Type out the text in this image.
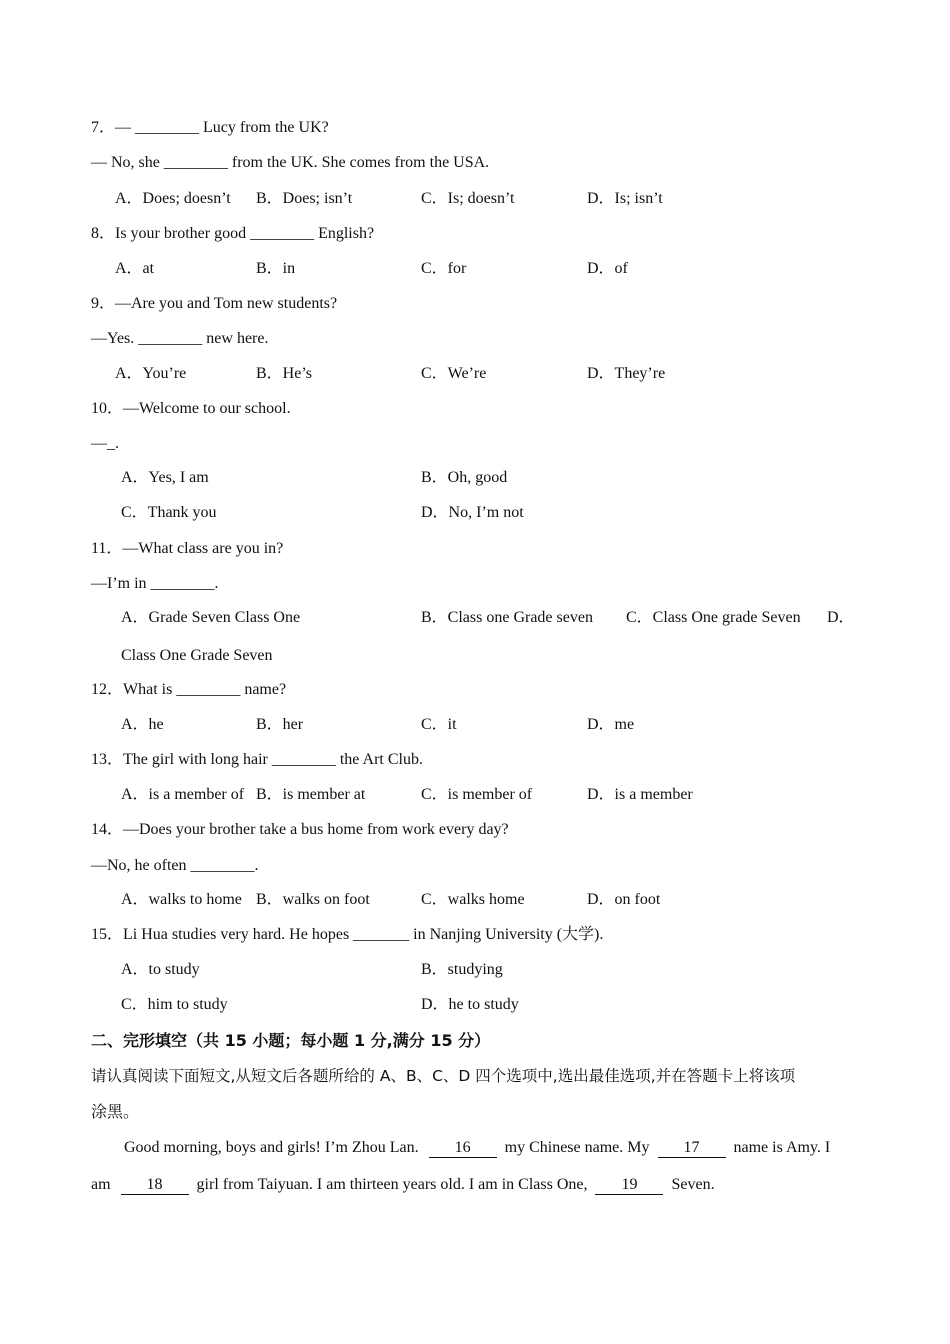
7．— ________ Lucy from the UK?
— No, she ________ from the UK. She comes from the USA.
A．Does; doesn’t B．Does; isn’t	C．Is; doesn’t	D．Is; isn’t
8．Is your brother good ________ English?
A．at	B．in	C．for	D．of
9．—Are you and Tom new students?
—Yes. ________ new here.
A．You’re	B．He’s	C．We’re	D．They’re
10．—Welcome to our school.
—_.
A．Yes, I am	B．Oh, good
C．Thank you	D．No, I’m not
11．—What class are you in?
—I’m in ________.
A．Grade Seven Class One	B．Class one Grade seven C．Class One grade Seven D．
Class One Grade Seven
12．What is ________ name?
A．he	B．her	C．it	D．me
13．The girl with long hair ________ the Art Club.
A．is a member of B．is member at	C．is member of	D．is a member
14．—Does your brother take a bus home from work every day?
—No, he often ________.
A．walks to home B．walks on foot	C．walks home	D．on foot
15．Li Hua studies very hard. He hopes _______ in Nanjing University (大学).
A．to study	B．studying
C．him to study	D．he to study
二、完形填空（共 15 小题；每小题 1 分,满分 15 分）
请认真阅读下面短文,从短文后各题所给的 A、B、C、D 四个选项中,选出最佳选项,并在答题卡上将该项
涂黑。
Good morning, boys and girls! I’m Zhou Lan. 16 my Chinese name. My 17 name is Amy. I
am 18 girl from Taiyuan. I am thirteen years old. I am in Class One, 19 Seven.
